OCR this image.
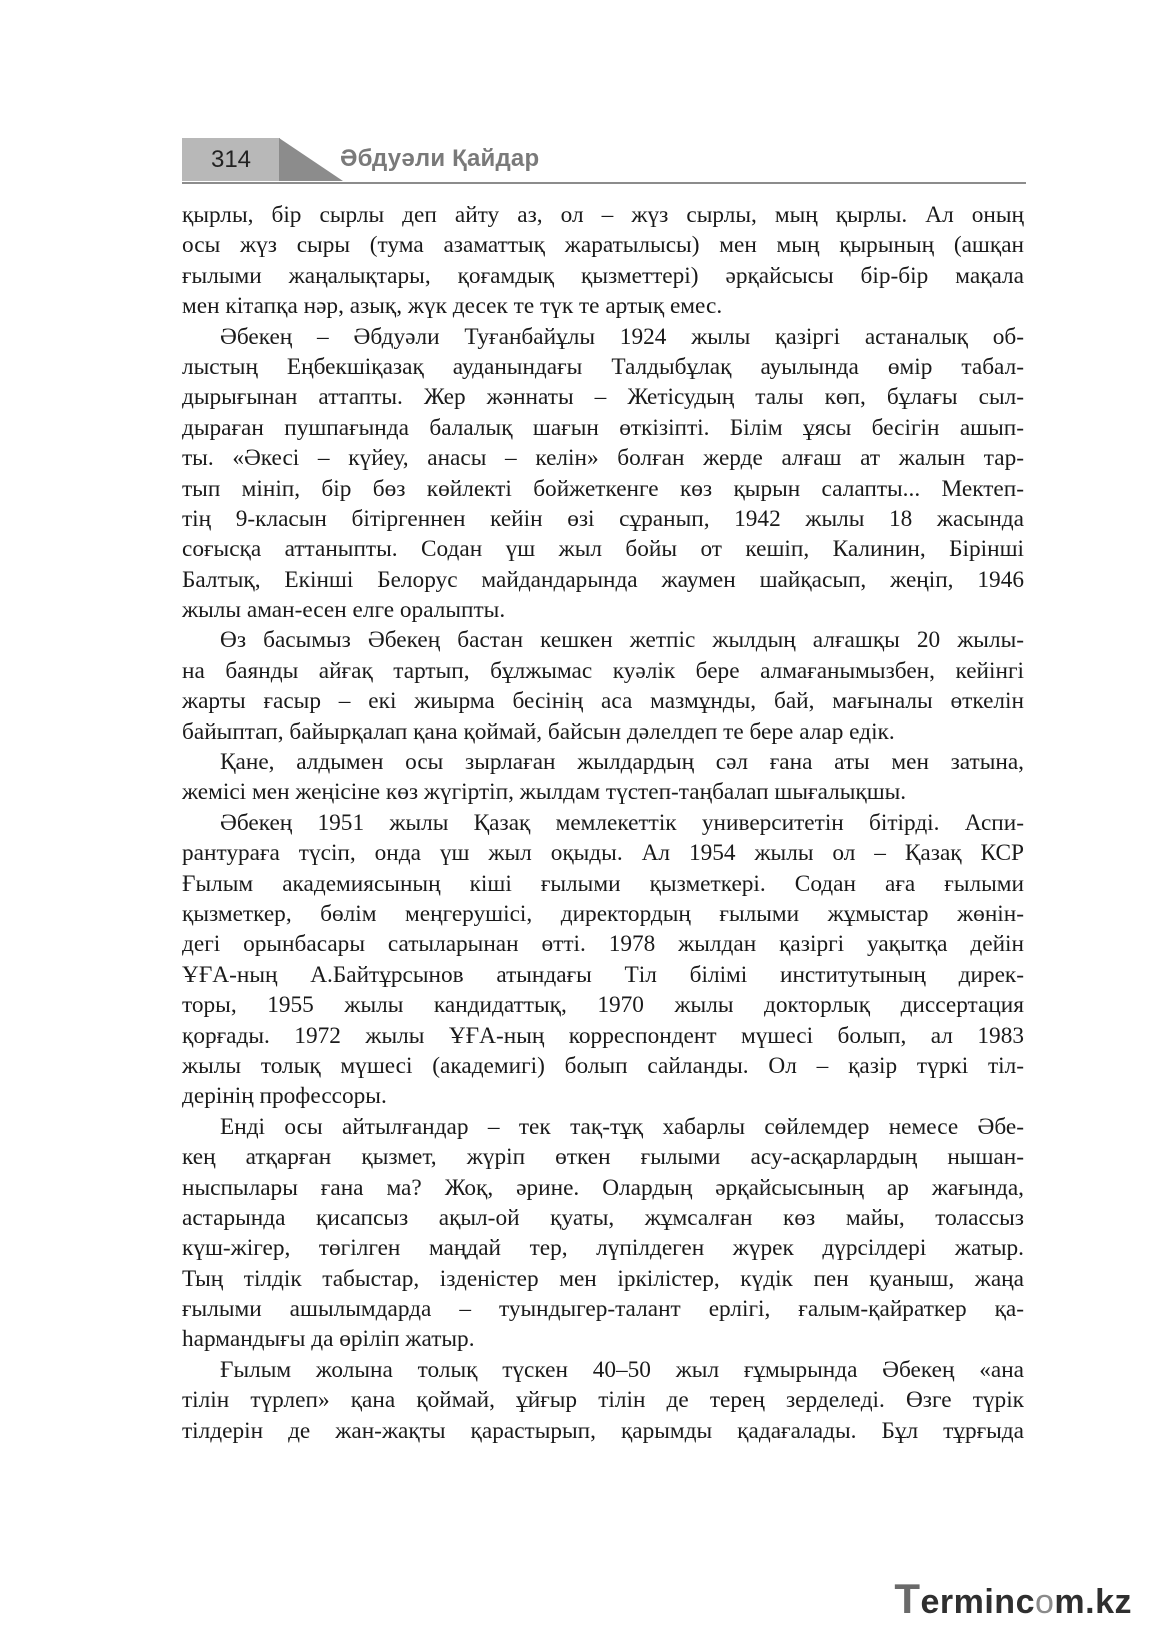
314	Әбдуәли Қайдар
қырлы, бір сырлы деп айту аз, ол – жүз сырлы, мың қырлы. Ал оның
осы жүз сыры (тума азаматтық жаратылысы) мен мың қырының (ашқан
ғылыми жаңалықтары, қоғамдық қызметтері) әрқайсысы бір-бір мақала
мен кітапқа нәр, азық, жүк десек те түк те артық емес.
Әбекең – Әбдуәли Туғанбайұлы 1924 жылы қазіргі астаналық об-
лыстың Еңбекшіқазақ ауданындағы Талдыбұлақ ауылында өмір табал-
дырығынан аттапты. Жер жәннаты – Жетісудың талы көп, бұлағы сыл-
дыраған пушпағында балалық шағын өткізіпті. Білім ұясы бесігін ашып-
ты. «Әкесі – күйеу, анасы – келін» болған жерде алғаш ат жалын тар-
тып мініп, бір бөз көйлекті бойжеткенге көз қырын салапты... Мектеп-
тің 9-класын бітіргеннен кейін өзі сұранып, 1942 жылы 18 жасында
соғысқа аттаныпты. Содан үш жыл бойы от кешіп, Калинин, Бірінші
Балтық, Екінші Белорус майдандарында жаумен шайқасып, жеңіп, 1946
жылы аман-есен елге оралыпты.
Өз басымыз Әбекең бастан кешкен жетпіс жылдың алғашқы 20 жылы-
на баянды айғақ тартып, бұлжымас куәлік бере алмағанымызбен, кейінгі
жарты ғасыр – екі жиырма бесінің аса мазмұнды, бай, мағыналы өткелін
байыптап, байырқалап қана қоймай, байсын дәлелдеп те бере алар едік.
Қане, алдымен осы зырлаған жылдардың сәл ғана аты мен затына,
жемісі мен жеңісіне көз жүгіртіп, жылдам түстеп-таңбалап шығалықшы.
Әбекең 1951 жылы Қазақ мемлекеттік университетін бітірді. Аспи-
рантураға түсіп, онда үш жыл оқыды. Ал 1954 жылы ол – Қазақ КСР
Ғылым академиясының кіші ғылыми қызметкері. Содан аға ғылыми
қызметкер, бөлім меңгерушісі, директордың ғылыми жұмыстар жөнін-
дегі орынбасары сатыларынан өтті. 1978 жылдан қазіргі уақытқа дейін
ҰҒА-ның А.Байтұрсынов атындағы Тіл білімі институтының дирек-
торы, 1955 жылы кандидаттық, 1970 жылы докторлық диссертация
қорғады. 1972 жылы ҰҒА-ның корреспондент мүшесі болып, ал 1983
жылы толық мүшесі (академигі) болып сайланды. Ол – қазір түркі тіл-
дерінің профессоры.
Енді осы айтылғандар – тек тақ-тұқ хабарлы сөйлемдер немесе Әбе-
кең атқарған қызмет, жүріп өткен ғылыми асу-асқарлардың нышан-
ныспылары ғана ма? Жоқ, әрине. Олардың әрқайсысының ар жағында,
астарында қисапсыз ақыл-ой қуаты, жұмсалған көз майы, толассыз
күш-жігер, төгілген маңдай тер, лүпілдеген жүрек дүрсілдері жатыр.
Тың тілдік табыстар, ізденістер мен іркілістер, күдік пен қуаныш, жаңа
ғылыми ашылымдарда – туындыгер-талант ерлігі, ғалым-қайраткер қа-
һармандығы да өріліп жатыр.
Ғылым жолына толық түскен 40–50 жыл ғұмырында Әбекең «ана
тілін түрлеп» қана қоймай, ұйғыр тілін де терең зерделеді. Өзге түрік
тілдерін де жан-жақты қарастырып, қарымды қадағалады. Бұл тұрғыда
Termincom.kz
